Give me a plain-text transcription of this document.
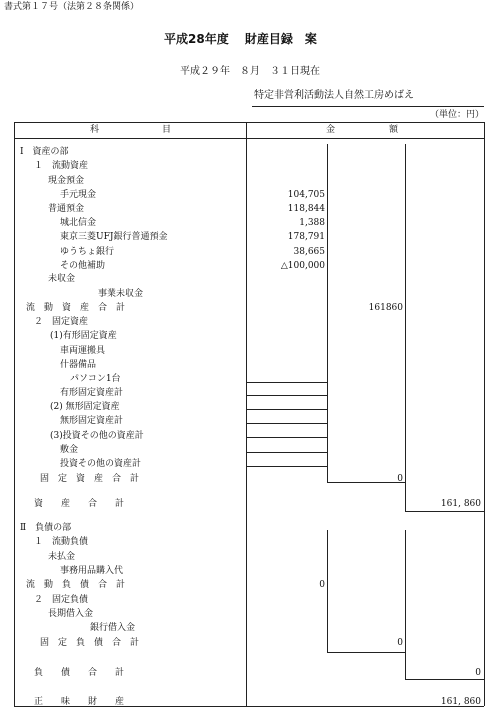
書式第１７号（法第２８条関係）
平成28年度　 財産目録　案
平成２９年　８月　３１日現在
特定非営利活動法人自然工房めばえ
（単位：円）
科　　　　　　　目	金　　　　　　額
Ⅰ　資産の部
１　流動資産
現金預金
手元現金	104,705
普通預金	118,844
城北信金	1,388
東京三菱UFJ銀行普通預金	178,791
ゆうちょ銀行	38,665
その他補助	△100,000
未収金
事業未収金
流　動　資　産　合　計	161860
２　固定資産
(1)有形固定資産
車両運搬具
什器備品
パソコン1台
有形固定資産計
(2) 無形固定資産
無形固定資産計
(3)投資その他の資産計
敷金
投資その他の資産計
固　定　資　産　合　計	0
資　　産　　合　　計	161, 860
Ⅱ　負債の部
１　流動負債
未払金
事務用品購入代
流　動　負　債　合　計	0
２　固定負債
長期借入金
銀行借入金
固　定　負　債　合　計	0
負　　債　　合　　計	0
正　　味　　財　　産	161, 860
